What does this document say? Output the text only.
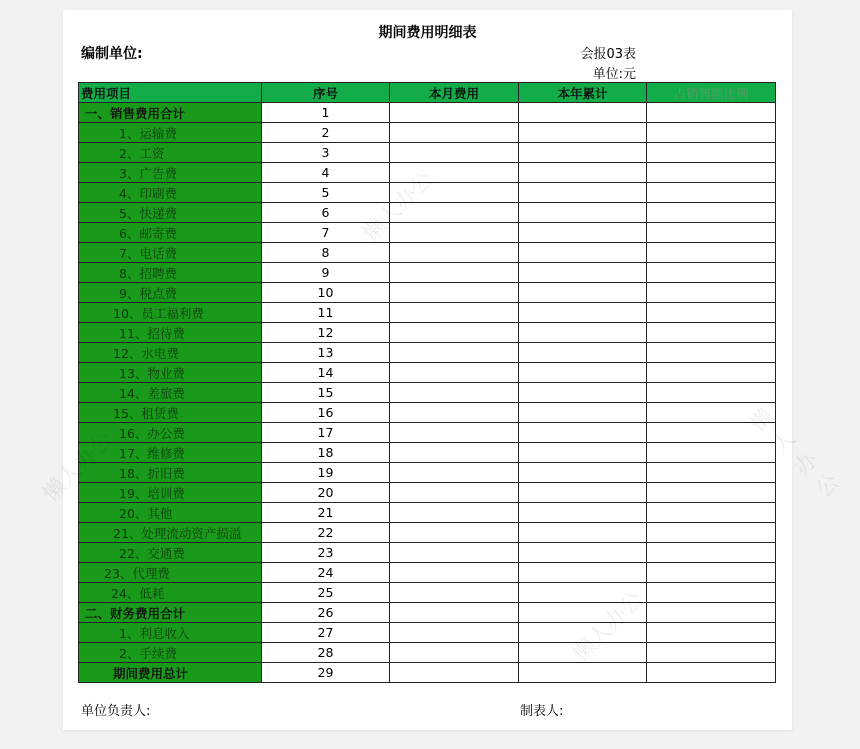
期间费用明细表
编制单位:	会报03表
单位:元
费用项目	序号	本月费用	本年累计	占销售额比例
一、销售费用合计	1			
1、运输费	2			
2、工资	3			
3、广告费	4			
4、印刷费	5			
5、快递费	6			
6、邮寄费	7			
7、电话费	8			
8、招聘费	9			
9、税点费	10			
10、员工福利费	11			
11、招待费	12			
12、水电费	13			
13、物业费	14			
14、差旅费	15			
15、租赁费	16			
16、办公费	17			
17、维修费	18			
18、折旧费	19			
19、培训费	20			
20、其他	21			
21、处理流动资产损溢	22			
22、交通费	23			
23、代理费	24			
24、低耗	25			
二、财务费用合计	26			
1、利息收入	27			
2、手续费	28			
期间费用总计	29			
单位负责人:	制表人:
懒人办公
懒人办公
懒人办公
